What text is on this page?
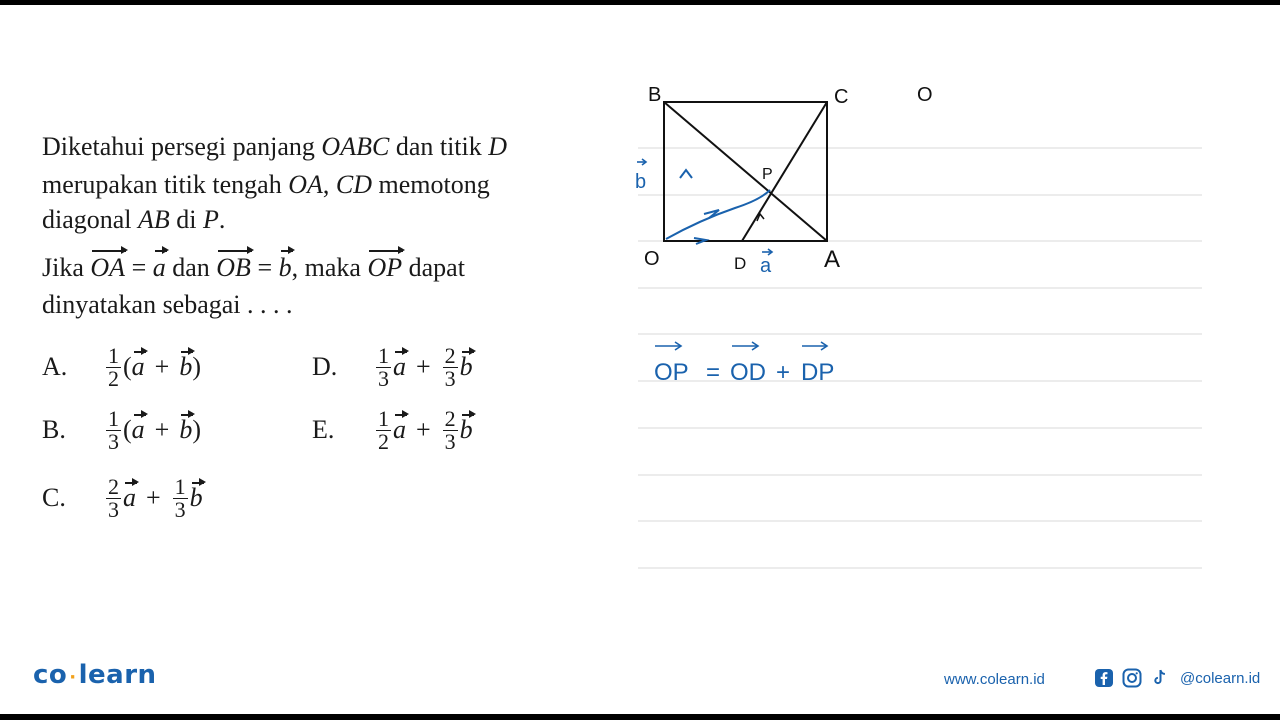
Diketahui persegi panjang OABC dan titik D
merupakan titik tengah OA, CD memotong
diagonal AB di P.
Jika OA = a dan OB = b, maka OP dapat
dinyatakan sebagai . . . .
A.	$\frac{1}{2}$ ( a + b )
B.	$\frac{1}{3}$ ( a + b )
C.	$\frac{2}{3}$ $a + \frac{1}{3}$ b
D.	$\frac{1}{3}$ $a + \frac{2}{3}$ b
E.	$\frac{1}{2}$ $a + \frac{2}{3}$ b
B	C	O
O	A
P
D
b
a
OP = OD + DP
co ·learn	www.colearn.id	@colearn.id
